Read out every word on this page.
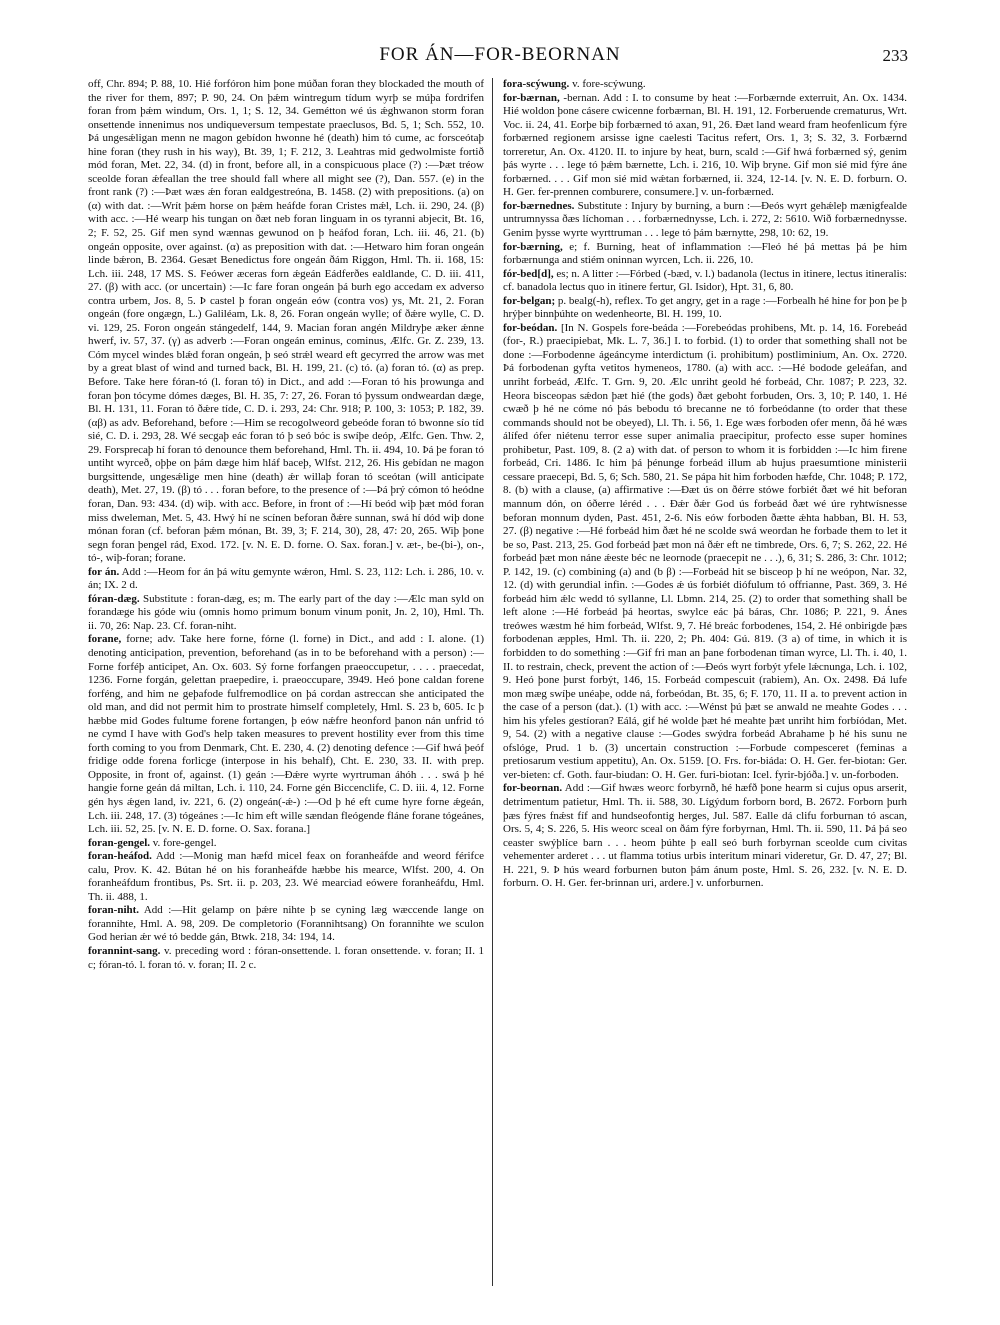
FOR ÁN—FOR-BEORNAN	233

off, Chr. 894; P. 88, 10. Hié forfóron him þone múðan foran they blockaded the mouth of the river for them, 897; P. 90, 24. On þǽm wintregum tídum wyrþ se múþa fordrifen foran from þǽm windum, Ors. 1, 1; S. 12, 34. Gemétton wé ús ǽghwanon storm foran onsettende innenimus nos undiqueversum tempestate praeclusos, Bd. 5, 1; Sch. 552, 10. Þá ungesǽligan menn ne magon gebídon hwonne hé (death) him tó cume, ac forsceótaþ hine foran (they rush in his way), Bt. 39, 1; F. 212, 3. Leahtras mid gedwolmiste fortið mód foran, Met. 22, 34. (d) in front, before all, in a conspicuous place (?) :—Þæt tréow sceolde foran ǽfeallan the tree should fall where all might see (?), Dan. 557. (e) in the front rank (?) :—Þæt wæs ǽn foran ealdgestreóna, B. 1458. (2) with prepositions. (a) on (α) with dat. :—Wrít þǽm horse on þǽm heáfde foran Cristes mǽl, Lch. ii. 290, 24. (β) with acc. :—Hé wearp his tungan on ðæt neb foran linguam in os tyranni abjecit, Bt. 16, 2; F. 52, 25. Gif men synd wænnas gewunod on þ heáfod foran, Lch. iii. 46, 21. (b) ongeán opposite, over against. (α) as preposition with dat. :—Hetwaro him foran ongeán linde bǽron, B. 2364. Gesæt Benedictus fore ongeán ðám Riggon, Hml. Th. ii. 168, 15: Lch. iii. 248, 17 MS. S. Feówer æceras forn ǽgeán Eádferðes ealdlande, C. D. iii. 411, 27. (β) with acc. (or uncertain) :—Ic fare foran ongeán þá burh ego accedam ex adverso contra urbem, Jos. 8, 5. Þ castel þ foran ongeán eów (contra vos) ys, Mt. 21, 2. Foran ongeán (fore ongægn, L.) Galiléam, Lk. 8, 26. Foran ongeán wylle; of ðǽre wylle, C. D. vi. 129, 25. Foron ongeán stángedelf, 144, 9. Macian foran angén Mildryþe æker ǽnne hwerf, iv. 57, 37. (γ) as adverb :—Foran ongeán eminus, cominus, Ælfc. Gr. Z. 239, 13. Cóm mycel windes blǽd foran ongeán, þ seó strǽl weard eft gecyrred the arrow was met by a great blast of wind and turned back, Bl. H. 199, 21. (c) tó. (a) foran tó. (α) as prep. Before. Take here fóran-tó (l. foran tó) in Dict., and add :—Foran tó his þrowunga and foran þon tócyme dómes dæges, Bl. H. 35, 7: 27, 26. Foran tó þyssum ondweardan dæge, Bl. H. 131, 11. Foran tó ðǽre tíde, C. D. i. 293, 24: Chr. 918; P. 100, 3: 1053; P. 182, 39. (αβ) as adv. Beforehand, before :—Him se recogolweord gebeóde foran tó bwonne sío tíd sié, C. D. i. 293, 28. Wé secgaþ eác foran tó þ seó bóc is swíþe deóp, Ælfc. Gen. Thw. 2, 29. Forsprecaþ hí foran tó denounce them beforehand, Hml. Th. ii. 494, 10. Þá þe foran tó untiht wyrceð, oþþe on þám dæge him hláf baceþ, Wlfst. 212, 26. His gebídan ne magon burgsittende, ungesǽlige men hine (death) ǽr willaþ foran tó sceótan (will anticipate death), Met. 27, 19. (β) tó . . . foran before, to the presence of :—Þá þrý cómon tó heódne foran, Dan. 93: 434. (d) wiþ. with acc. Before, in front of :—Hí beód wiþ þæt mód foran miss dweleman, Met. 5, 43. Hwý hí ne scínen beforan ðǽre sunnan, swá hí dód wiþ done mónan foran (cf. beforan þǽm mónan, Bt. 39, 3; F. 214, 30), 28, 47: 20, 265. Wiþ þone segn foran þengel rád, Exod. 172. [v. N. E. D. forne. O. Sax. foran.] v. æt-, be-(bi-), on-, tó-, wiþ-foran; forane.

for án. Add :—Heom for án þá wítu gemynte wǽron, Hml. S. 23, 112: Lch. i. 286, 10. v. án; IX. 2 d.

fóran-dæg. Substitute : foran-dæg, es; m. The early part of the day :—Ælc man syld on forandæge his góde wiu (omnis homo primum bonum vinum ponit, Jn. 2, 10), Hml. Th. ii. 70, 26: Nap. 23. Cf. foran-niht.

forane, forne; adv. Take here forne, fórne (l. forne) in Dict., and add : I. alone. (1) denoting anticipation, prevention, beforehand (as in to be beforehand with a person) :—Forne forféþ anticipet, An. Ox. 603. Sý forne forfangen praeoccupetur, . . . . praecedat, 1236. Forne forgán, gelettan praepedire, i. praeoccupare, 3949. Heó þone caldan forene forféng, and him ne geþafode fulfremodlice on þá cordan astreccan she anticipated the old man, and did not permit him to prostrate himself completely, Hml. S. 23 b, 605. Ic þ hæbbe mid Godes fultume forene fortangen, þ eów nǽfre heonford þanon nán unfrid tó ne cymd I have with God's help taken measures to prevent hostility ever from this time forth coming to you from Denmark, Cht. E. 230, 4. (2) denoting defence :—Gif hwá þeóf fridige odde forena forlicge (interpose in his behalf), Cht. E. 230, 33. II. with prep. Opposite, in front of, against. (1) geán :—Ðǽre wyrte wyrtruman áhóh . . . swá þ hé hangie forne geán dá miltan, Lch. i. 110, 24. Forne gén Biccenclife, C. D. iii. 4, 12. Forne gén hys ǽgen land, iv. 221, 6. (2) ongeán(-ǽ-) :—Od þ hé eft cume hyre forne ǽgeán, Lch. iii. 248, 17. (3) tógeánes :—Ic him eft wille sændan fleógende fláne forane tógeánes, Lch. iii. 52, 25. [v. N. E. D. forne. O. Sax. forana.]

foran-gengel. v. fore-gengel.

foran-heáfod. Add :—Monig man hæfd micel feax on foranheáfde and weord férifce calu, Prov. K. 42. Bútan hé on his foranheáfde hæbbe his mearce, Wlfst. 200, 4. On foranheáfdum frontibus, Ps. Srt. ii. p. 203, 23. Wé mearciad eówere foranheáfdu, Hml. Th. ii. 488, 1.

foran-niht. Add :—Hit gelamp on þǽre nihte þ se cyning læg wæccende lange on forannihte, Hml. A. 98, 209. De completorio (Forannihtsang) On forannihte we sculon God herian ǽr wé tó bedde gán, Btwk. 218, 34: 194, 14.

forannint-sang. v. preceding word : fóran-onsettende. l. foran onsettende. v. foran; II. 1 c; fóran-tó. l. foran tó. v. foran; II. 2 c.

fora-scýwung. v. fore-scýwung.

for-bærnan, -bernan. Add : I. to consume by heat :—Forbærnde exterruit, An. Ox. 1434. Hié woldon þone cásere cwicenne forbærnan, Bl. H. 191, 12. Forberuende crematurus, Wrt. Voc. ii. 24, 41. Eorþe biþ forbærned tó axan, 91, 26. Ðæt land weard fram heofenlicum fýre forbærned regionem arsisse igne caelesti Tacitus refert, Ors. 1, 3; S. 32, 3. Forbærnd torreretur, An. Ox. 4120. II. to injure by heat, burn, scald :—Gif hwá forbærned sý, genim þás wyrte . . . lege tó þǽm bærnette, Lch. i. 216, 10. Wiþ bryne. Gif mon sié mid fýre áne forbærned. . . . Gif mon sié mid wǽtan forbærned, ii. 324, 12-14. [v. N. E. D. forburn. O. H. Ger. fer-prennen comburere, consumere.] v. un-forbærned.

for-bærnednes. Substitute : Injury by burning, a burn :—Ðeós wyrt gehǽleþ mænigfealde untrumnyssa ðæs líchoman . . . forbærnednysse, Lch. i. 272, 2: 5610. Wið forbærnednysse. Genim þysse wyrte wyrttruman . . . lege tó þám bærnytte, 298, 10: 62, 19.

for-bærning, e; f. Burning, heat of inflammation :—Fleó hé þá mettas þá þe him forbærnunga and stiém oninnan wyrcen, Lch. ii. 226, 10.

fór-bed[d], es; n. A litter :—Fórbed (-bæd, v. l.) badanola (lectus in itinere, lectus itineralis: cf. banadola lectus quo in itinere fertur, Gl. Isidor), Hpt. 31, 6, 80.

for-belgan; p. bealg(-h), reflex. To get angry, get in a rage :—Forbealh hé hine for þon þe þ hrýþer binnþúhte on wedenheorte, Bl. H. 199, 10.

for-beódan. [In N. Gospels fore-beáda :—Forebeódas prohibens, Mt. p. 14, 16. Forebeád (for-, R.) praecipiebat, Mk. L. 7, 36.] I. to forbid. (1) to order that something shall not be done :—Forbodenne ágeáncyme interdictum (i. prohibitum) postliminium, An. Ox. 2720. Þá forbodenan gyfta vetitos hymeneos, 1780. (a) with acc. :—Hé bodode geleáfan, and unriht forbeád, Ælfc. T. Grn. 9, 20. Ælc unriht geold hé forbeád, Chr. 1087; P. 223, 32. Heora bisceopas sǽdon þæt hié (the gods) ðæt geboht forbuden, Ors. 3, 10; P. 140, 1. Hé cwæð þ hé ne cóme nó þás bebodu tó brecanne ne tó forbeódanne (to order that these commands should not be obeyed), Ll. Th. i. 56, 1. Ege wæs forboden ofer menn, ðá hé wæs álífed ófer niétenu terror esse super animalia praecipitur, profecto esse super homines prohibetur, Past. 109, 8. (2 a) with dat. of person to whom it is forbidden :—Ic him firene forbeád, Cri. 1486. Ic him þá þénunge forbeád illum ab hujus praesumtione ministerii cessare praecepi, Bd. 5, 6; Sch. 580, 21. Se pápa hit him forboden hæfde, Chr. 1048; P. 172, 8. (b) with a clause, (a) affirmative :—Ðæt ús on ðérre stówe forbiét ðæt wé hit beforan mannum dón, on óðerre léréd . . . Ðǽr ðǽr God ús forbeád ðæt wé úre ryhtwísnesse beforan monnum dyden, Past. 451, 2-6. Nis eów forboden ðætte ǽhta habban, Bl. H. 53, 27. (β) negative :—Hé forbeád him ðæt hé ne scolde swá weordan he forbade them to let it be so, Past. 213, 25. God forbeád þæt mon ná ðǽr eft ne timbrede, Ors. 6, 7; S. 262, 22. Hé forbeád þæt mon náne ǽeste béc ne leornode (praecepit ne . . .), 6, 31; S. 286, 3: Chr. 1012; P. 142, 19. (c) combining (a) and (b β) :—Forbeád hit se bisceop þ hí ne weópon, Nar. 32, 12. (d) with gerundial infin. :—Godes ǽ ús forbiét diófulum tó offrianne, Past. 369, 3. Hé forbeád him ǽlc wedd tó syllanne, Ll. Lbmn. 214, 25. (2) to order that something shall be left alone :—Hé forbeád þá heortas, swylce eác þá báras, Chr. 1086; P. 221, 9. Ánes treówes wæstm hé him forbeád, Wlfst. 9, 7. Hé breác forbodenes, 154, 2. Hé onbirigde þæs forbodenan æpples, Hml. Th. ii. 220, 2; Ph. 404: Gú. 819. (3 a) of time, in which it is forbidden to do something :—Gif fri man an þane forbodenan tíman wyrce, Ll. Th. i. 40, 1. II. to restrain, check, prevent the action of :—Ðeós wyrt forbýt yfele lǽcnunga, Lch. i. 102, 9. Heó þone þurst forbýt, 146, 15. Forbeád compescuit (rabiem), An. Ox. 2498. Ðá lufe mon mæg swíþe unéaþe, odde ná, forbeódan, Bt. 35, 6; F. 170, 11. II a. to prevent action in the case of a person (dat.). (1) with acc. :—Wénst þú þæt se anwald ne meahte Godes . . . him his yfeles gestíoran? Eálá, gif hé wolde þæt hé meahte þæt unriht him forbíódan, Met. 9, 54. (2) with a negative clause :—Godes swýdra forbeád Abrahame þ hé his sunu ne ofslóge, Prud. 1 b. (3) uncertain construction :—Forbude compesceret (feminas a pretiosarum vestium appetitu), An. Ox. 5159. [O. Frs. for-biáda: O. H. Ger. fer-biotan: Ger. ver-bieten: cf. Goth. faur-biudan: O. H. Ger. furi-biotan: Icel. fyrir-bjóða.] v. un-forboden.

for-beornan. Add :—Gif hwæs weorc forbyrnð, hé hæfð þone hearm si cujus opus arserit, detrimentum patietur, Hml. Th. ii. 588, 30. Lígýdum forborn bord, B. 2672. Forborn þurh þæs fýres fnǽst fíf and hundseofontig herges, Jul. 587. Ealle dá clifu forburnan tó ascan, Ors. 5, 4; S. 226, 5. His weorc sceal on ðám fýre forbyrnan, Hml. Th. ii. 590, 11. Þá þá seo ceaster swýþlíce barn . . . heom þúhte þ eall seó burh forbyrnan sceolde cum civitas vehementer arderet . . . ut flamma totius urbis interitum minari videretur, Gr. D. 47, 27; Bl. H. 221, 9. Þ hús weard forburnen buton þám ánum poste, Hml. S. 26, 232. [v. N. E. D. forburn. O. H. Ger. fer-brinnan uri, ardere.] v. unforburnen.
